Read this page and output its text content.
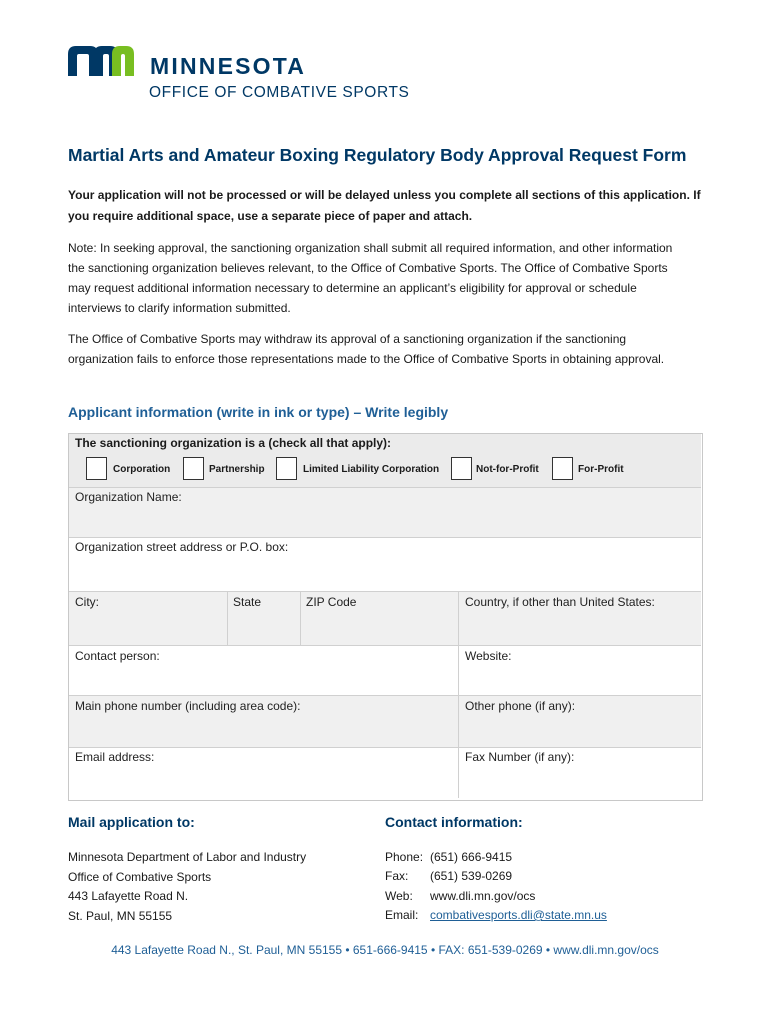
MINNESOTA
OFFICE OF COMBATIVE SPORTS
Martial Arts and Amateur Boxing Regulatory Body Approval Request Form
Your application will not be processed or will be delayed unless you complete all sections of this application. If you require additional space, use a separate piece of paper and attach.
Note: In seeking approval, the sanctioning organization shall submit all required information, and other information the sanctioning organization believes relevant, to the Office of Combative Sports. The Office of Combative Sports may request additional information necessary to determine an applicant’s eligibility for approval or schedule interviews to clarify information submitted.
The Office of Combative Sports may withdraw its approval of a sanctioning organization if the sanctioning organization fails to enforce those representations made to the Office of Combative Sports in obtaining approval.
Applicant information (write in ink or type) – Write legibly
The sanctioning organization is a (check all that apply):
Corporation	Partnership	Limited Liability Corporation	Not-for-Profit	For-Profit
Organization Name:
Organization street address or P.O. box:
City:	State	ZIP Code	Country, if other than United States:
Contact person:	Website:
Main phone number (including area code):	Other phone (if any):
Email address:	Fax Number (if any):
Mail application to:
Minnesota Department of Labor and Industry
Office of Combative Sports
443 Lafayette Road N.
St. Paul, MN 55155
Contact information:
Phone: (651) 666-9415
Fax: (651) 539-0269
Web: www.dli.mn.gov/ocs
Email: combativesports.dli@state.mn.us
443 Lafayette Road N., St. Paul, MN 55155 • 651-666-9415 • FAX: 651-539-0269 • www.dli.mn.gov/ocs
